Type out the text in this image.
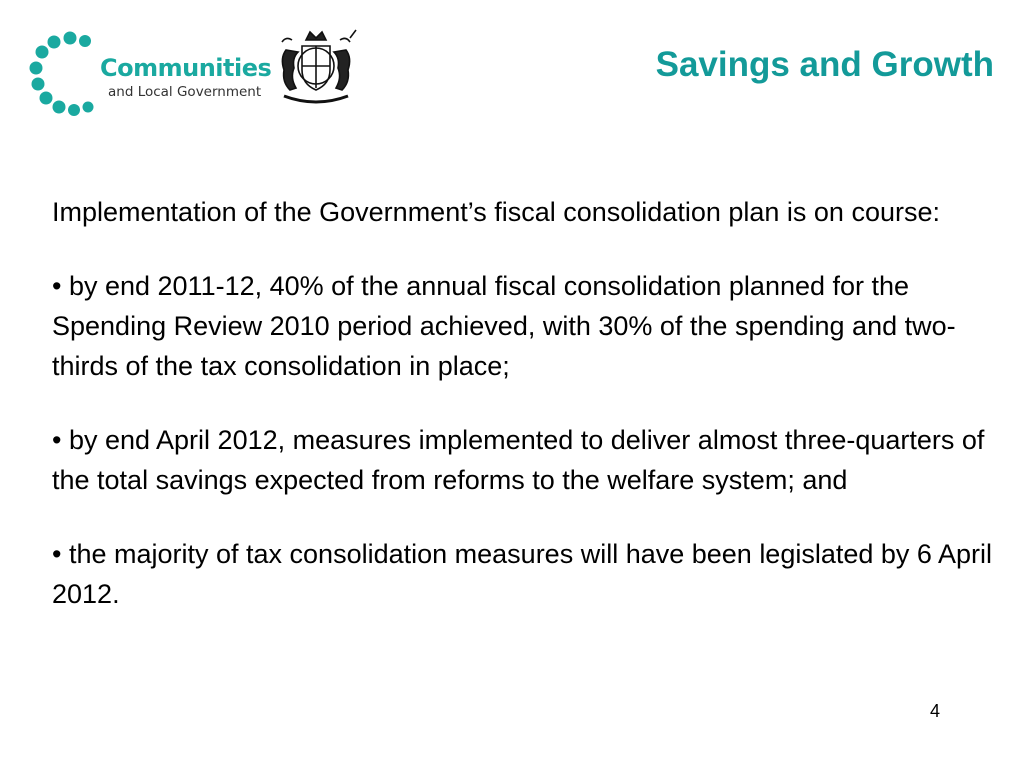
Communities
and Local Government
Savings and Growth

Implementation of the Government’s fiscal consolidation plan is on course:

• by end 2011-12, 40% of the annual fiscal consolidation planned for the Spending Review 2010 period achieved, with 30% of the spending and two-thirds of the tax consolidation in place;

• by end April 2012, measures implemented to deliver almost three-quarters of the total savings expected from reforms to the welfare system; and

• the majority of tax consolidation measures will have been legislated by 6 April 2012.

4
